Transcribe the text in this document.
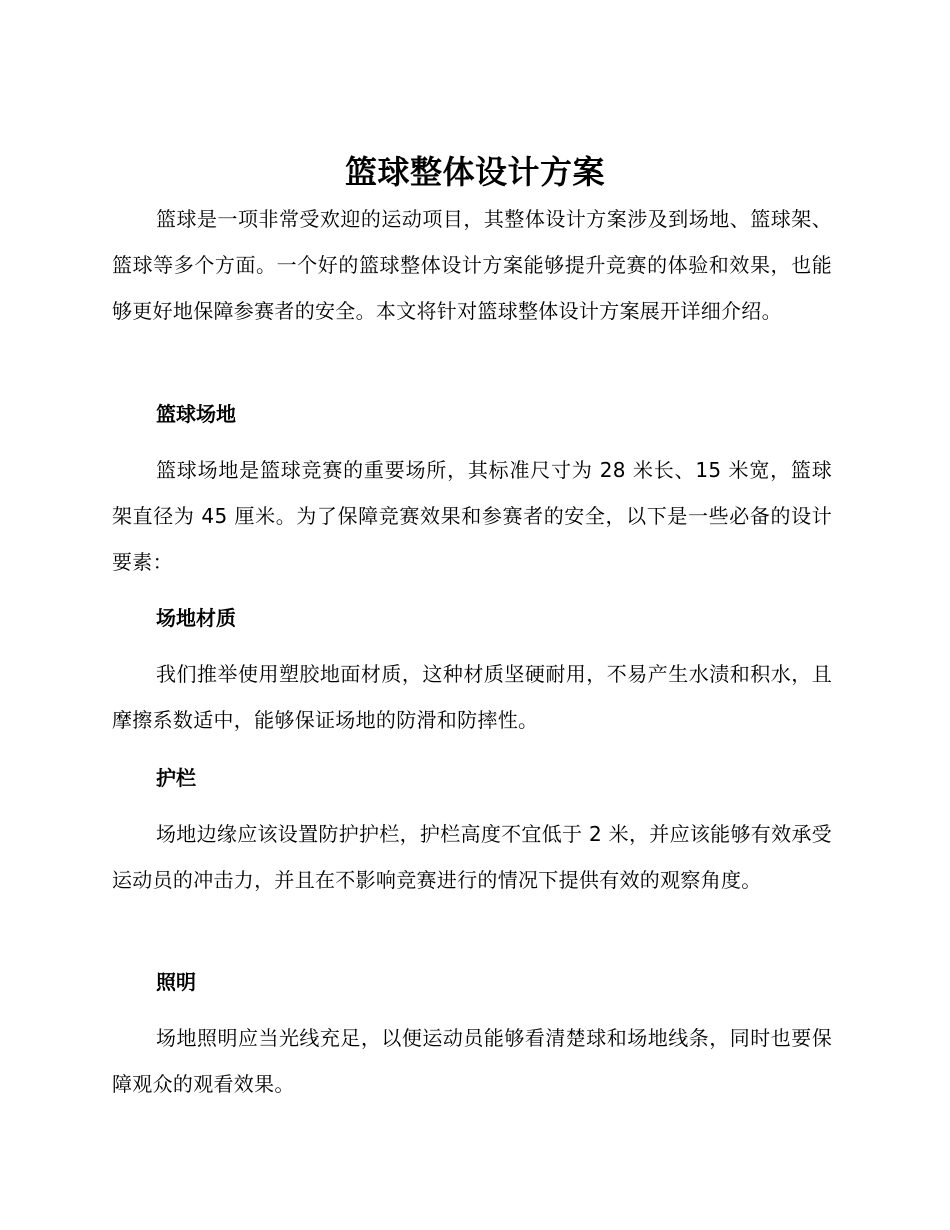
篮球整体设计方案

篮球是一项非常受欢迎的运动项目，其整体设计方案涉及到场地、篮球架、篮球等多个方面。一个好的篮球整体设计方案能够提升竞赛的体验和效果，也能够更好地保障参赛者的安全。本文将针对篮球整体设计方案展开详细介绍。

篮球场地

篮球场地是篮球竞赛的重要场所，其标准尺寸为 28 米长、15 米宽，篮球架直径为 45 厘米。为了保障竞赛效果和参赛者的安全，以下是一些必备的设计要素：

场地材质

我们推举使用塑胶地面材质，这种材质坚硬耐用，不易产生水渍和积水，且摩擦系数适中，能够保证场地的防滑和防摔性。

护栏

场地边缘应该设置防护护栏，护栏高度不宜低于 2 米，并应该能够有效承受运动员的冲击力，并且在不影响竞赛进行的情况下提供有效的观察角度。

照明

场地照明应当光线充足，以便运动员能够看清楚球和场地线条，同时也要保障观众的观看效果。
